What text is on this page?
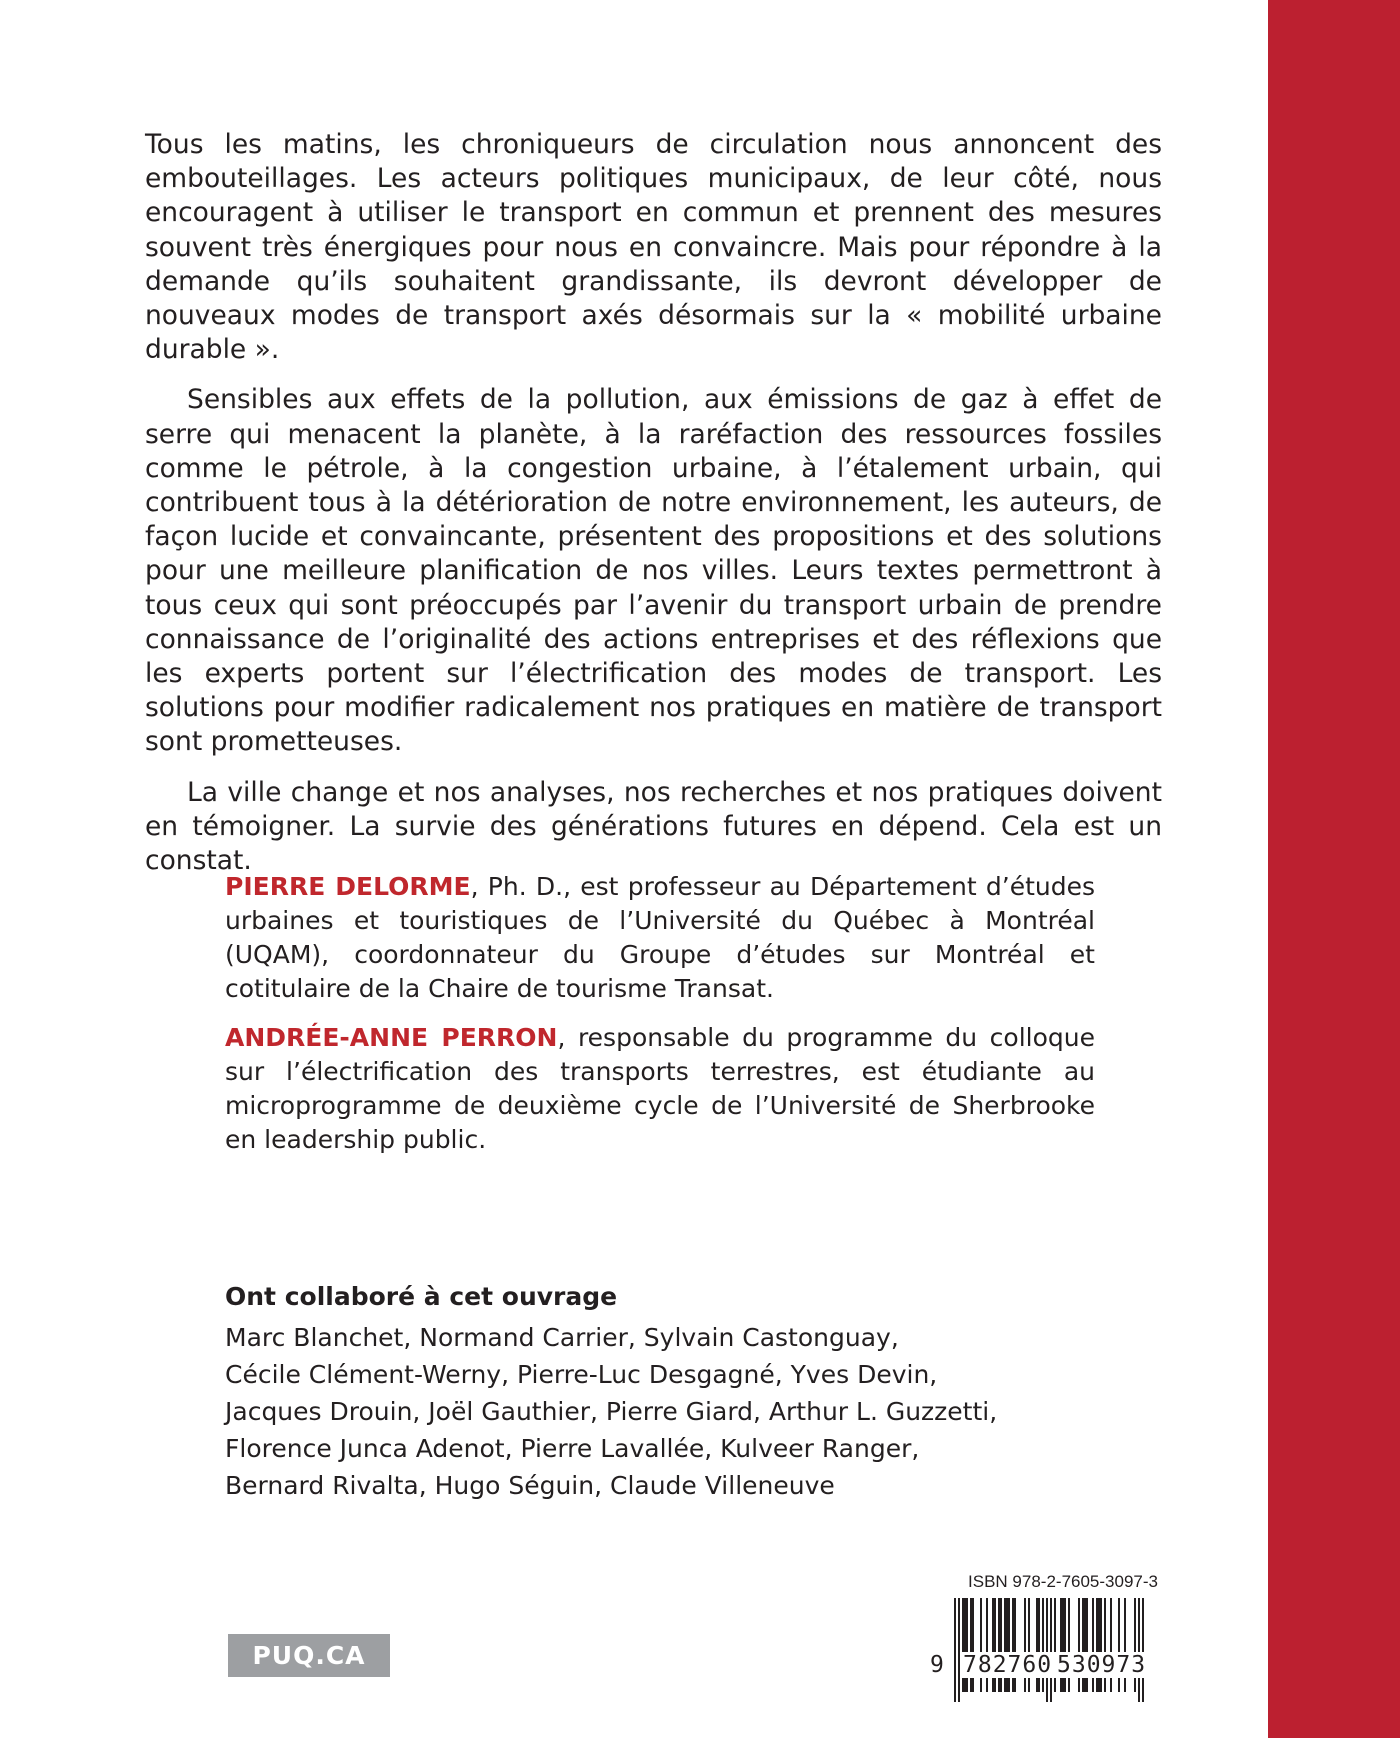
Tous les matins, les chroniqueurs de circulation nous annoncent des embouteillages. Les acteurs politiques municipaux, de leur côté, nous encouragent à utiliser le transport en commun et prennent des mesures souvent très énergiques pour nous en convaincre. Mais pour répondre à la demande qu’ils souhaitent grandissante, ils devront développer de nouveaux modes de transport axés désormais sur la « mobilité urbaine durable ».

Sensibles aux effets de la pollution, aux émissions de gaz à effet de serre qui menacent la planète, à la raréfaction des ressources fossiles comme le pétrole, à la congestion urbaine, à l’étalement urbain, qui contribuent tous à la détérioration de notre environnement, les auteurs, de façon lucide et convaincante, présentent des propositions et des solutions pour une meilleure planification de nos villes. Leurs textes permettront à tous ceux qui sont préoccupés par l’avenir du transport urbain de prendre connaissance de l’originalité des actions entreprises et des réflexions que les experts portent sur l’électrification des modes de transport. Les solutions pour modifier radicalement nos pratiques en matière de transport sont prometteuses.

La ville change et nos analyses, nos recherches et nos pratiques doivent en témoigner. La survie des générations futures en dépend. Cela est un constat.

PIERRE DELORME, Ph. D., est professeur au Département d’études urbaines et touristiques de l’Université du Québec à Montréal (UQAM), coordonnateur du Groupe d’études sur Montréal et cotitulaire de la Chaire de tourisme Transat.

ANDRÉE-ANNE PERRON, responsable du programme du colloque sur l’électrification des transports terrestres, est étudiante au microprogramme de deuxième cycle de l’Université de Sherbrooke en leadership public.

Ont collaboré à cet ouvrage
Marc Blanchet, Normand Carrier, Sylvain Castonguay,
Cécile Clément-Werny, Pierre-Luc Desgagné, Yves Devin,
Jacques Drouin, Joël Gauthier, Pierre Giard, Arthur L. Guzzetti,
Florence Junca Adenot, Pierre Lavallée, Kulveer Ranger,
Bernard Rivalta, Hugo Séguin, Claude Villeneuve
PUQ.CA
ISBN 978-2-7605-3097-3
9 782760 530973
